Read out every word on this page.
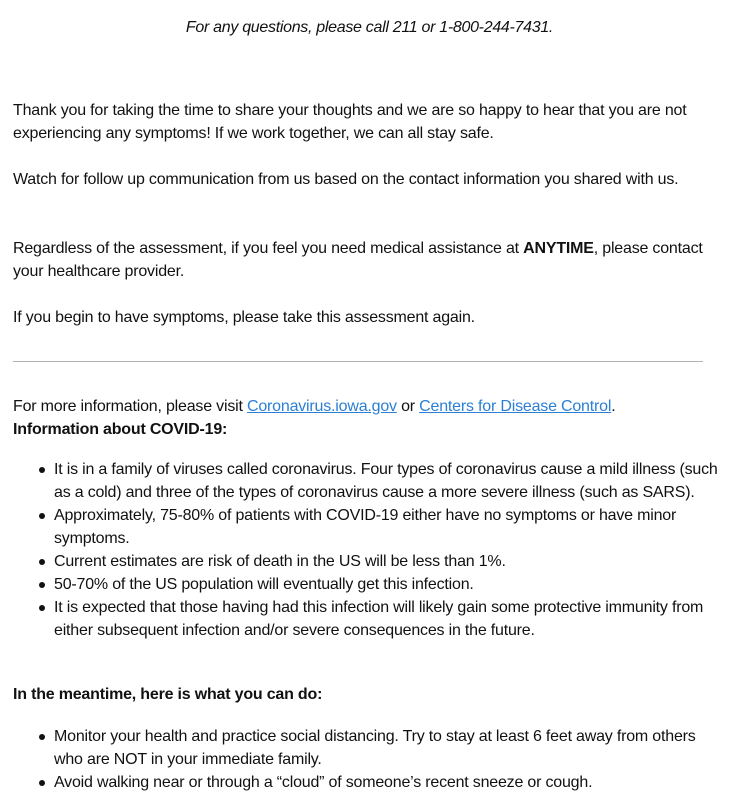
For any questions, please call 211 or 1-800-244-7431.

Thank you for taking the time to share your thoughts and we are so happy to hear that you are not experiencing any symptoms! If we work together, we can all stay safe.

Watch for follow up communication from us based on the contact information you shared with us.

Regardless of the assessment, if you feel you need medical assistance at ANYTIME, please contact your healthcare provider.

If you begin to have symptoms, please take this assessment again.

For more information, please visit Coronavirus.iowa.gov or Centers for Disease Control.

Information about COVID-19:

It is in a family of viruses called coronavirus. Four types of coronavirus cause a mild illness (such as a cold) and three of the types of coronavirus cause a more severe illness (such as SARS).
Approximately, 75-80% of patients with COVID-19 either have no symptoms or have minor symptoms.
Current estimates are risk of death in the US will be less than 1%.
50-70% of the US population will eventually get this infection.
It is expected that those having had this infection will likely gain some protective immunity from either subsequent infection and/or severe consequences in the future.

In the meantime, here is what you can do:

Monitor your health and practice social distancing. Try to stay at least 6 feet away from others who are NOT in your immediate family.
Avoid walking near or through a “cloud” of someone’s recent sneeze or cough.
